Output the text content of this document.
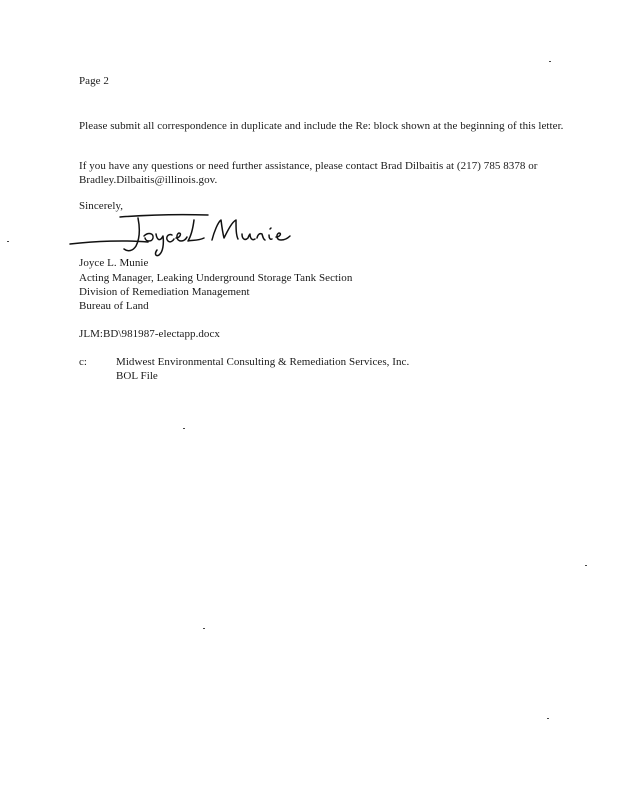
Page 2
Please submit all correspondence in duplicate and include the Re: block shown at the beginning of this letter.
If you have any questions or need further assistance, please contact Brad Dilbaitis at (217) 785 8378 or Bradley.Dilbaitis@illinois.gov.
Sincerely,
Joyce L. Munie
Acting Manager, Leaking Underground Storage Tank Section
Division of Remediation Management
Bureau of Land
JLM:BD\981987-electapp.docx
c:	Midwest Environmental Consulting & Remediation Services, Inc.
BOL File
